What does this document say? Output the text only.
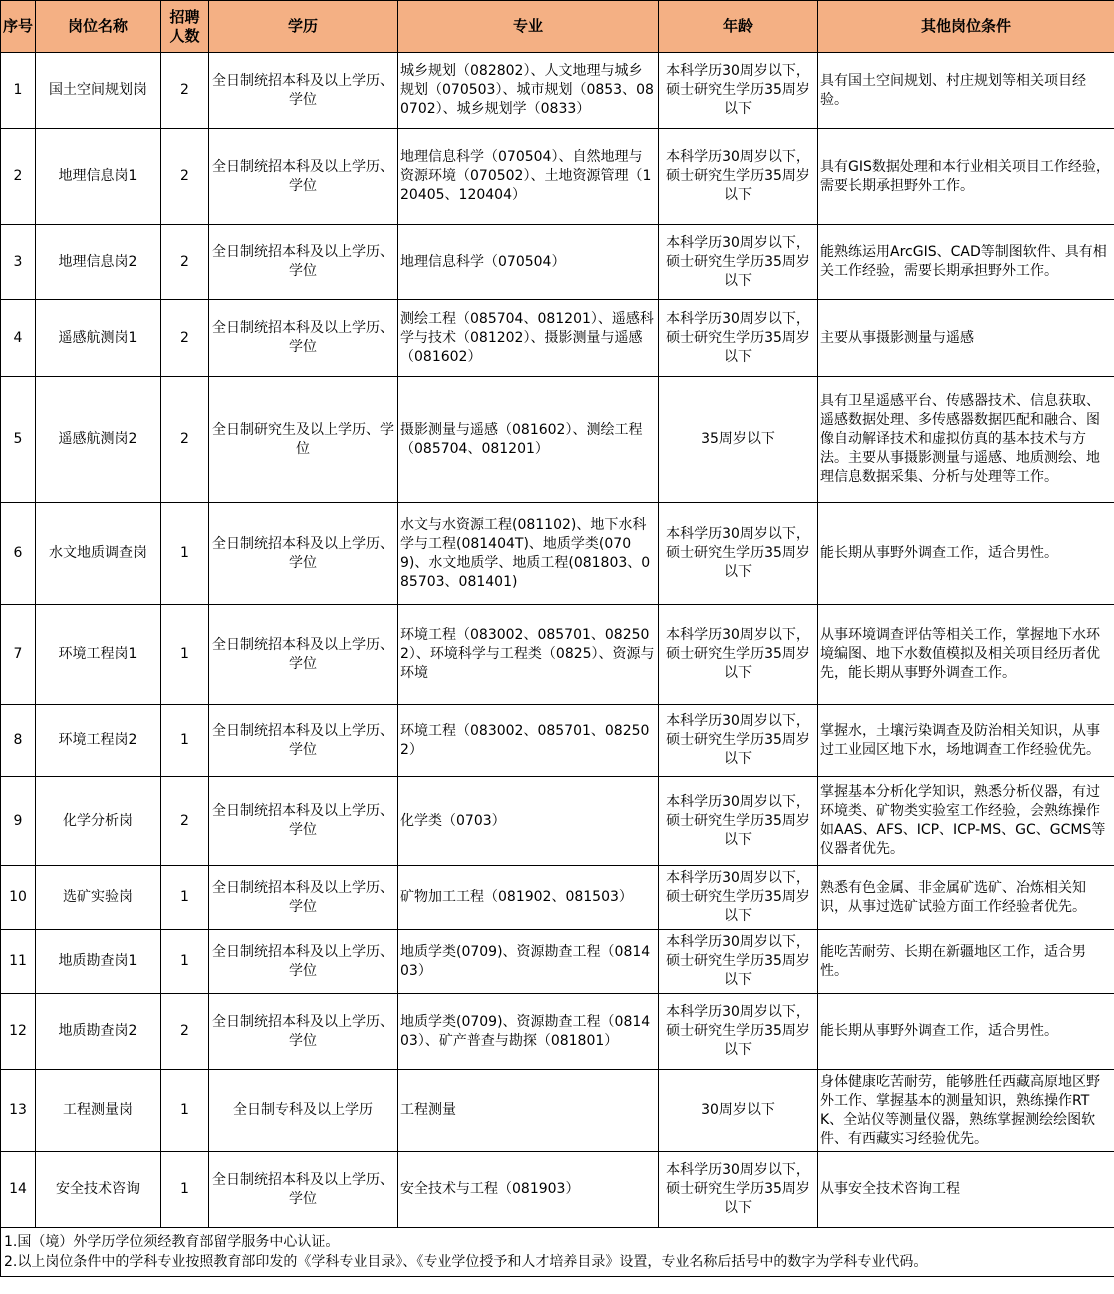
序号	岗位名称	招聘人数	学历	专业	年龄	其他岗位条件
1	国土空间规划岗	2	全日制统招本科及以上学历、学位	城乡规划（082802）、人文地理与城乡规划（070503）、城市规划（0853、080702）、城乡规划学（0833）	本科学历30周岁以下，硕士研究生学历35周岁以下	具有国土空间规划、村庄规划等相关项目经验。
2	地理信息岗1	2	全日制统招本科及以上学历、学位	地理信息科学（070504）、自然地理与资源环境（070502）、土地资源管理（120405、120404）	本科学历30周岁以下，硕士研究生学历35周岁以下	具有GIS数据处理和本行业相关项目工作经验，需要长期承担野外工作。
3	地理信息岗2	2	全日制统招本科及以上学历、学位	地理信息科学（070504）	本科学历30周岁以下，硕士研究生学历35周岁以下	能熟练运用ArcGIS、CAD等制图软件、具有相关工作经验，需要长期承担野外工作。
4	遥感航测岗1	2	全日制统招本科及以上学历、学位	测绘工程（085704、081201）、遥感科学与技术（081202）、摄影测量与遥感（081602）	本科学历30周岁以下，硕士研究生学历35周岁以下	主要从事摄影测量与遥感
5	遥感航测岗2	2	全日制研究生及以上学历、学位	摄影测量与遥感（081602）、测绘工程（085704、081201）	35周岁以下	具有卫星遥感平台、传感器技术、信息获取、遥感数据处理、多传感器数据匹配和融合、图像自动解译技术和虚拟仿真的基本技术与方法。主要从事摄影测量与遥感、地质测绘、地理信息数据采集、分析与处理等工作。
6	水文地质调查岗	1	全日制统招本科及以上学历、学位	水文与水资源工程(081102)、地下水科学与工程(081404T)、地质学类(0709)、水文地质学、地质工程(081803、085703、081401)	本科学历30周岁以下，硕士研究生学历35周岁以下	能长期从事野外调查工作，适合男性。
7	环境工程岗1	1	全日制统招本科及以上学历、学位	环境工程（083002、085701、082502）、环境科学与工程类（0825）、资源与环境	本科学历30周岁以下，硕士研究生学历35周岁以下	从事环境调查评估等相关工作，掌握地下水环境编图、地下水数值模拟及相关项目经历者优先，能长期从事野外调查工作。
8	环境工程岗2	1	全日制统招本科及以上学历、学位	环境工程（083002、085701、082502）	本科学历30周岁以下，硕士研究生学历35周岁以下	掌握水，土壤污染调查及防治相关知识，从事过工业园区地下水，场地调查工作经验优先。
9	化学分析岗	2	全日制统招本科及以上学历、学位	化学类（0703）	本科学历30周岁以下，硕士研究生学历35周岁以下	掌握基本分析化学知识，熟悉分析仪器，有过环境类、矿物类实验室工作经验，会熟练操作如AAS、AFS、ICP、ICP-MS、GC、GCMS等仪器者优先。
10	选矿实验岗	1	全日制统招本科及以上学历、学位	矿物加工工程（081902、081503）	本科学历30周岁以下，硕士研究生学历35周岁以下	熟悉有色金属、非金属矿选矿、冶炼相关知识，从事过选矿试验方面工作经验者优先。
11	地质勘查岗1	1	全日制统招本科及以上学历、学位	地质学类(0709)、资源勘查工程（081403）	本科学历30周岁以下，硕士研究生学历35周岁以下	能吃苦耐劳、长期在新疆地区工作，适合男性。
12	地质勘查岗2	2	全日制统招本科及以上学历、学位	地质学类(0709)、资源勘查工程（081403）、矿产普查与勘探（081801）	本科学历30周岁以下，硕士研究生学历35周岁以下	能长期从事野外调查工作，适合男性。
13	工程测量岗	1	全日制专科及以上学历	工程测量	30周岁以下	身体健康吃苦耐劳，能够胜任西藏高原地区野外工作、掌握基本的测量知识，熟练操作RTK、全站仪等测量仪器，熟练掌握测绘绘图软件、有西藏实习经验优先。
14	安全技术咨询	1	全日制统招本科及以上学历、学位	安全技术与工程（081903）	本科学历30周岁以下，硕士研究生学历35周岁以下	从事安全技术咨询工程

1.国（境）外学历学位须经教育部留学服务中心认证。
2.以上岗位条件中的学科专业按照教育部印发的《学科专业目录》、《专业学位授予和人才培养目录》设置，专业名称后括号中的数字为学科专业代码。						
